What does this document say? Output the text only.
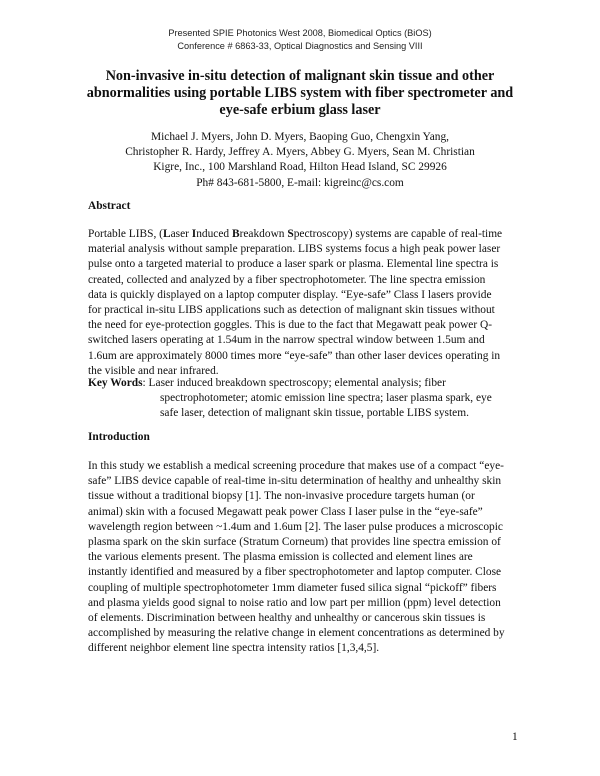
Presented SPIE Photonics West 2008, Biomedical Optics (BiOS)
Conference # 6863-33, Optical Diagnostics and Sensing VIII
Non-invasive in-situ detection of malignant skin tissue and other
abnormalities using portable LIBS system with fiber spectrometer and
eye-safe erbium glass laser
Michael J. Myers, John D. Myers, Baoping Guo, Chengxin Yang,
Christopher R. Hardy, Jeffrey A. Myers, Abbey G. Myers, Sean M. Christian
Kigre, Inc., 100 Marshland Road, Hilton Head Island, SC 29926
Ph# 843-681-5800, E-mail: kigreinc@cs.com
Abstract
Portable LIBS, (Laser Induced Breakdown Spectroscopy) systems are capable of real-time
material analysis without sample preparation. LIBS systems focus a high peak power laser
pulse onto a targeted material to produce a laser spark or plasma. Elemental line spectra is
created, collected and analyzed by a fiber spectrophotometer. The line spectra emission
data is quickly displayed on a laptop computer display. “Eye-safe” Class I lasers provide
for practical in-situ LIBS applications such as detection of malignant skin tissues without
the need for eye-protection goggles. This is due to the fact that Megawatt peak power Q-
switched lasers operating at 1.54um in the narrow spectral window between 1.5um and
1.6um are approximately 8000 times more “eye-safe” than other laser devices operating in
the visible and near infrared.
Key Words: Laser induced breakdown spectroscopy; elemental analysis; fiber
spectrophotometer; atomic emission line spectra; laser plasma spark, eye
safe laser, detection of malignant skin tissue, portable LIBS system.
Introduction
In this study we establish a medical screening procedure that makes use of a compact “eye-
safe” LIBS device capable of real-time in-situ determination of healthy and unhealthy skin
tissue without a traditional biopsy [1]. The non-invasive procedure targets human (or
animal) skin with a focused Megawatt peak power Class I laser pulse in the “eye-safe”
wavelength region between ~1.4um and 1.6um [2]. The laser pulse produces a microscopic
plasma spark on the skin surface (Stratum Corneum) that provides line spectra emission of
the various elements present. The plasma emission is collected and element lines are
instantly identified and measured by a fiber spectrophotometer and laptop computer. Close
coupling of multiple spectrophotometer 1mm diameter fused silica signal “pickoff” fibers
and plasma yields good signal to noise ratio and low part per million (ppm) level detection
of elements. Discrimination between healthy and unhealthy or cancerous skin tissues is
accomplished by measuring the relative change in element concentrations as determined by
different neighbor element line spectra intensity ratios [1,3,4,5].
1
